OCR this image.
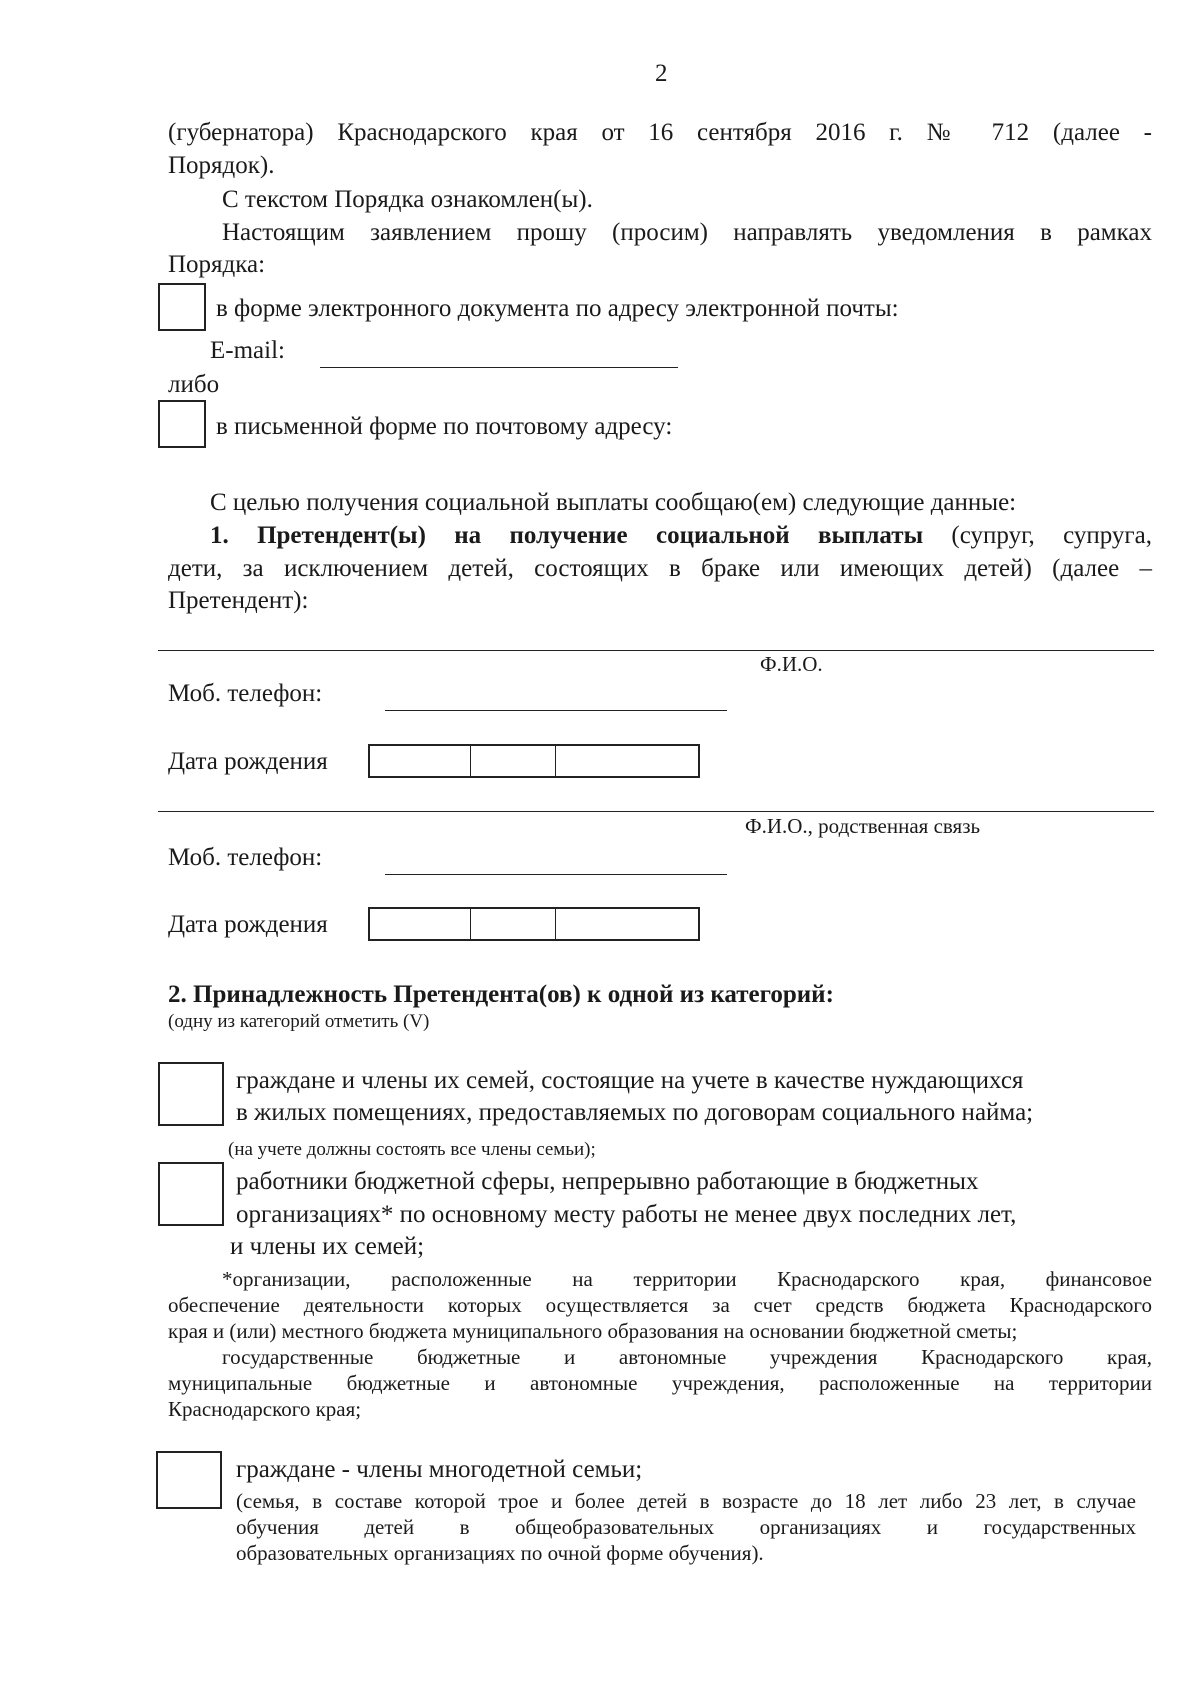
2
(губернатора) Краснодарского края от 16 сентября 2016 г. № 712 (далее -
Порядок).
С текстом Порядка ознакомлен(ы).
Настоящим заявлением прошу (просим) направлять уведомления в рамках
Порядка:
в форме электронного документа по адресу электронной почты:
E-mail:
либо
в письменной форме по почтовому адресу:
С целью получения социальной выплаты сообщаю(ем) следующие данные:
1. Претендент(ы) на получение социальной выплаты (супруг, супруга,
дети, за исключением детей, состоящих в браке или имеющих детей) (далее –
Претендент):
Ф.И.О.
Моб. телефон:
Дата рождения
Ф.И.О., родственная связь
Моб. телефон:
Дата рождения
2. Принадлежность Претендента(ов) к одной из категорий:
(одну из категорий отметить (V)
граждане и члены их семей, состоящие на учете в качестве нуждающихся
в жилых помещениях, предоставляемых по договорам социального найма;
(на учете должны состоять все члены семьи);
работники бюджетной сферы, непрерывно работающие в бюджетных
организациях* по основному месту работы не менее двух последних лет,
и члены их семей;
*организации, расположенные на территории Краснодарского края, финансовое
обеспечение деятельности которых осуществляется за счет средств бюджета Краснодарского
края и (или) местного бюджета муниципального образования на основании бюджетной сметы;
государственные бюджетные и автономные учреждения Краснодарского края,
муниципальные бюджетные и автономные учреждения, расположенные на территории
Краснодарского края;
граждане - члены многодетной семьи;
(семья, в составе которой трое и более детей в возрасте до 18 лет либо 23 лет, в случае
обучения детей в общеобразовательных организациях и государственных
образовательных организациях по очной форме обучения).
